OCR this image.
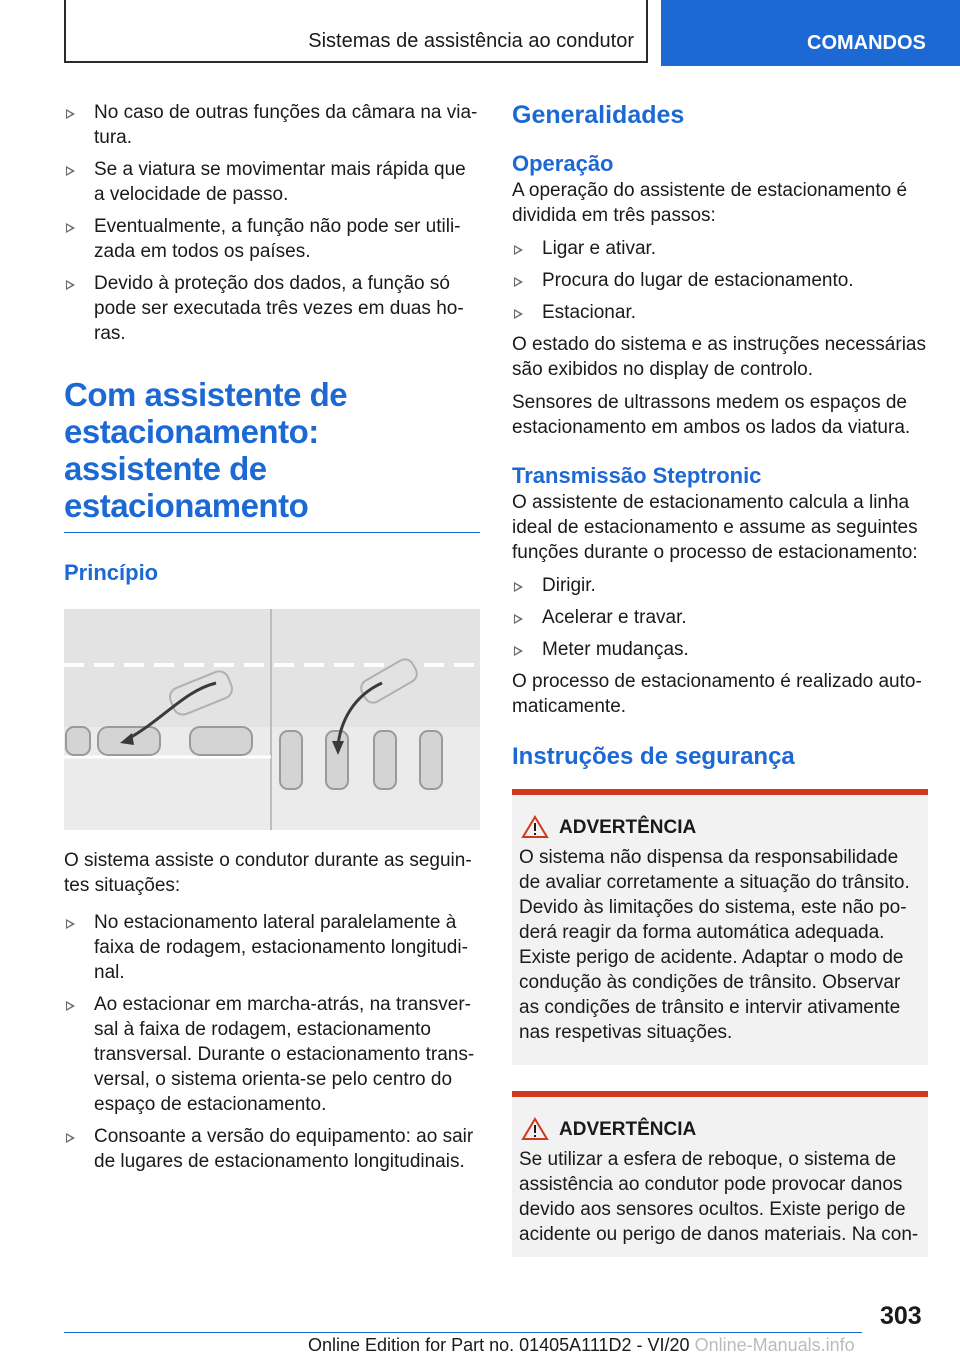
Sistemas de assistência ao condutor	COMANDOS
No caso de outras funções da câmara na via-tura.
Se a viatura se movimentar mais rápida que a velocidade de passo.
Eventualmente, a função não pode ser utili-zada em todos os países.
Devido à proteção dos dados, a função só pode ser executada três vezes em duas ho-ras.
Com assistente de estacionamento: assistente de estacionamento
Princípio

O sistema assiste o condutor durante as seguin-tes situações:

No estacionamento lateral paralelamente à faixa de rodagem, estacionamento longitudi-nal.
Ao estacionar em marcha-atrás, na transver-sal à faixa de rodagem, estacionamento transversal. Durante o estacionamento trans-versal, o sistema orienta-se pelo centro do espaço de estacionamento.
Consoante a versão do equipamento: ao sair de lugares de estacionamento longitudinais.
Generalidades
Operação

A operação do assistente de estacionamento é dividida em três passos:

Ligar e ativar.
Procura do lugar de estacionamento.
Estacionar.

O estado do sistema e as instruções necessárias são exibidos no display de controlo.

Sensores de ultrassons medem os espaços de estacionamento em ambos os lados da viatura.

Transmissão Steptronic

O assistente de estacionamento calcula a linha ideal de estacionamento e assume as seguintes funções durante o processo de estacionamento:

Dirigir.
Acelerar e travar.
Meter mudanças.

O processo de estacionamento é realizado auto-maticamente.

Instruções de segurança
ADVERTÊNCIA

O sistema não dispensa da responsabilidade de avaliar corretamente a situação do trânsito. Devido às limitações do sistema, este não po-derá reagir da forma automática adequada. Existe perigo de acidente. Adaptar o modo de condução às condições de trânsito. Observar as condições de trânsito e intervir ativamente nas respetivas situações.

ADVERTÊNCIA

Se utilizar a esfera de reboque, o sistema de assistência ao condutor pode provocar danos devido aos sensores ocultos. Existe perigo de acidente ou perigo de danos materiais. Na con-

303
Online Edition for Part no. 01405A111D2 - VI/20 Online-Manuals.info
